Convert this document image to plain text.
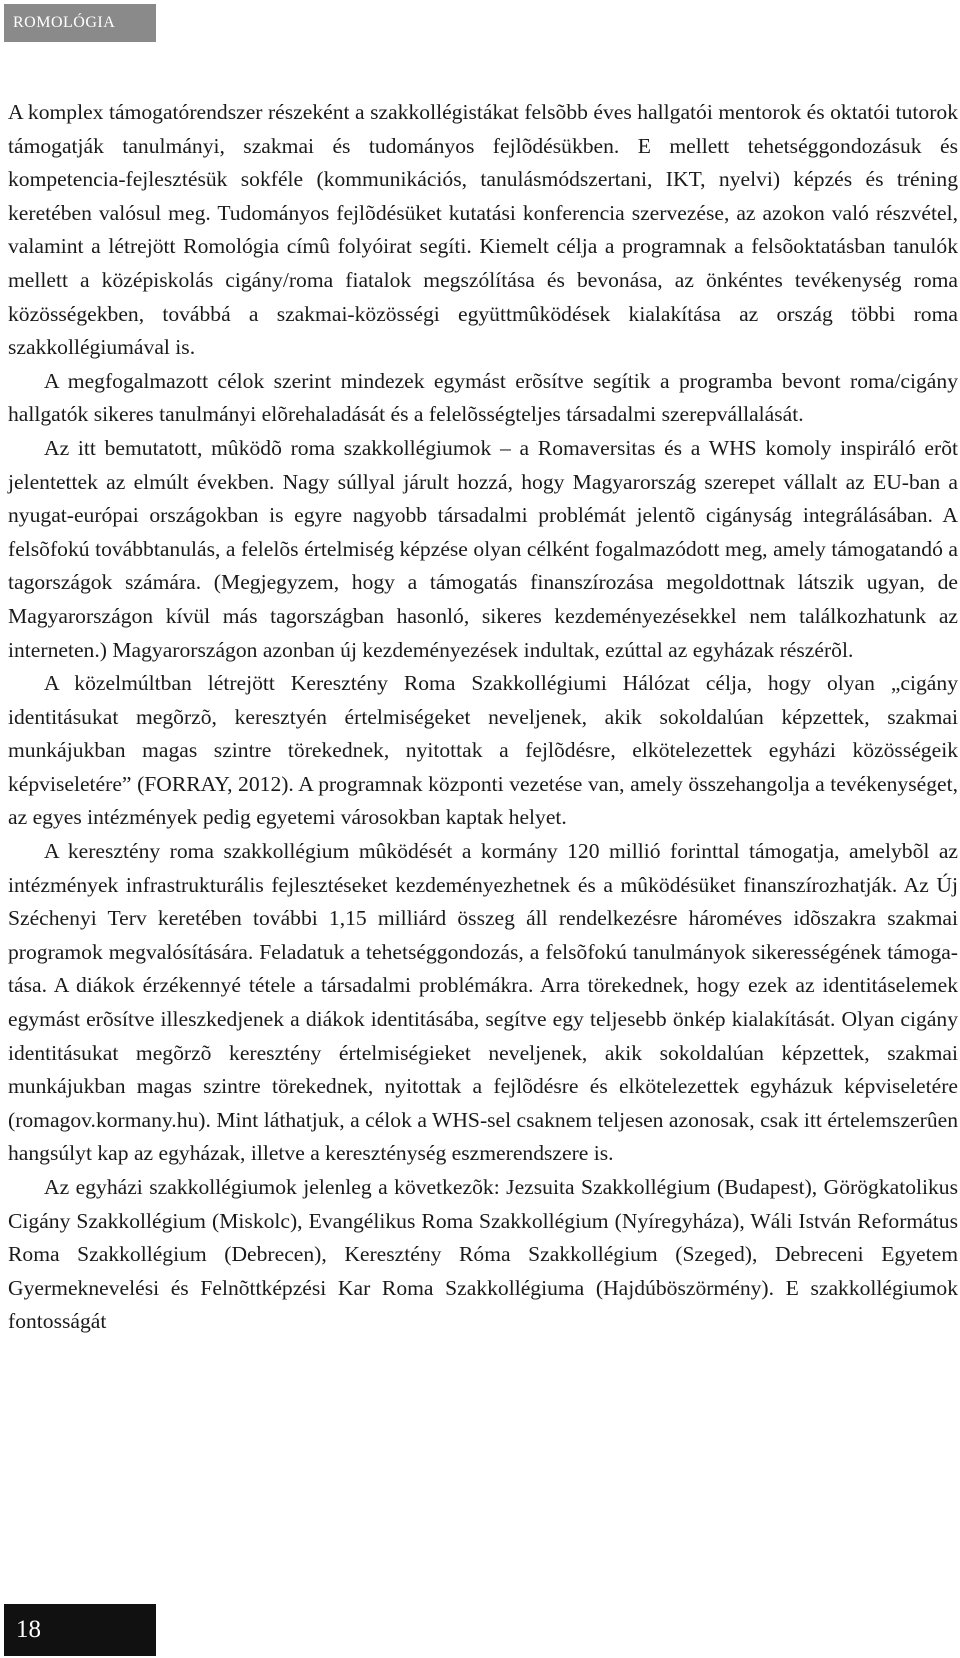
ROMOLÓGIA

A komplex támogatórendszer részeként a szakkollégistákat felsõbb éves hallgatói mentorok és oktatói tutorok támogatják tanulmányi, szakmai és tudományos fejlõdésükben. E mellett tehetséggondozásuk és kompetencia-fejlesztésük sokféle (kommunikációs, tanulásmódszertani, IKT, nyelvi) képzés és tréning keretében valósul meg. Tudományos fejlõdésüket kutatási konferencia szervezése, az azokon való részvétel, valamint a létrejött Romológia címû folyóirat segíti. Kiemelt célja a programnak a felsõoktatásban tanulók mellett a középiskolás cigány/roma fiatalok megszólítása és bevonása, az önkéntes tevékenység roma közösségekben, továbbá a szakmai-közösségi együttmûködések kialakítása az ország többi roma szakkollégiumával is.

A megfogalmazott célok szerint mindezek egymást erõsítve segítik a programba bevont roma/cigány hallgatók sikeres tanulmányi elõrehaladását és a felelõsségteljes társadalmi szerepvállalását.

Az itt bemutatott, mûködõ roma szakkollégiumok – a Romaversitas és a WHS komoly inspiráló erõt jelentettek az elmúlt években. Nagy súllyal járult hozzá, hogy Magyarország szerepet vállalt az EU-ban a nyugat-európai országokban is egyre nagyobb társadalmi problémát jelentõ cigányság integrálásában. A felsõfokú továbbtanulás, a felelõs értelmiség képzése olyan célként fogalmazódott meg, amely támogatandó a tagországok számára. (Megjegyzem, hogy a támogatás finanszírozása megoldottnak látszik ugyan, de Magyarországon kívül más tagországban hasonló, sikeres kezdeményezésekkel nem találkozhatunk az interneten.) Magyarországon azonban új kezdeményezések indultak, ezúttal az egyházak részérõl.

A közelmúltban létrejött Keresztény Roma Szakkollégiumi Hálózat célja, hogy olyan „cigány identitásukat megõrzõ, keresztyén értelmiségeket neveljenek, akik sokoldalúan képzettek, szakmai munkájukban magas szintre törekednek, nyitottak a fejlõdésre, elkötelezettek egyházi közösségeik képviseletére” (FORRAY, 2012). A programnak központi vezetése van, amely összehangolja a tevékenységet, az egyes intézmények pedig egyetemi városokban kaptak helyet.

A keresztény roma szakkollégium mûködését a kormány 120 millió forinttal támogatja, amelybõl az intézmények infrastrukturális fejlesztéseket kezdeményezhetnek és a mûködésüket finanszírozhatják. Az Új Széchenyi Terv keretében további 1,15 milliárd összeg áll rendelkezésre hároméves idõszakra szakmai programok megvalósítására. Feladatuk a tehetséggondozás, a felsõfokú tanulmányok sikerességének támogatása. A diákok érzékennyé tétele a társadalmi problémákra. Arra törekednek, hogy ezek az identitáselemek egymást erõsítve illeszkedjenek a diákok identitásába, segítve egy teljesebb önkép kialakítását. Olyan cigány identitásukat megõrzõ keresztény értelmiségieket neveljenek, akik sokoldalúan képzettek, szakmai munkájukban magas szintre törekednek, nyitottak a fejlõdésre és elkötelezettek egyházuk képviseletére (romagov.kormany.hu). Mint láthatjuk, a célok a WHS-sel csaknem teljesen azonosak, csak itt értelemszerûen hangsúlyt kap az egyházak, illetve a kereszténység eszmerendszere is.

Az egyházi szakkollégiumok jelenleg a következõk: Jezsuita Szakkollégium (Budapest), Görögkatolikus Cigány Szakkollégium (Miskolc), Evangélikus Roma Szakkollégium (Nyíregyháza), Wáli István Református Roma Szakkollégium (Debrecen), Keresztény Róma Szakkollégium (Szeged), Debreceni Egyetem Gyermeknevelési és Felnõttképzési Kar Roma Szakkollégiuma (Hajdúböszörmény). E szakkollégiumok fontosságát

18
